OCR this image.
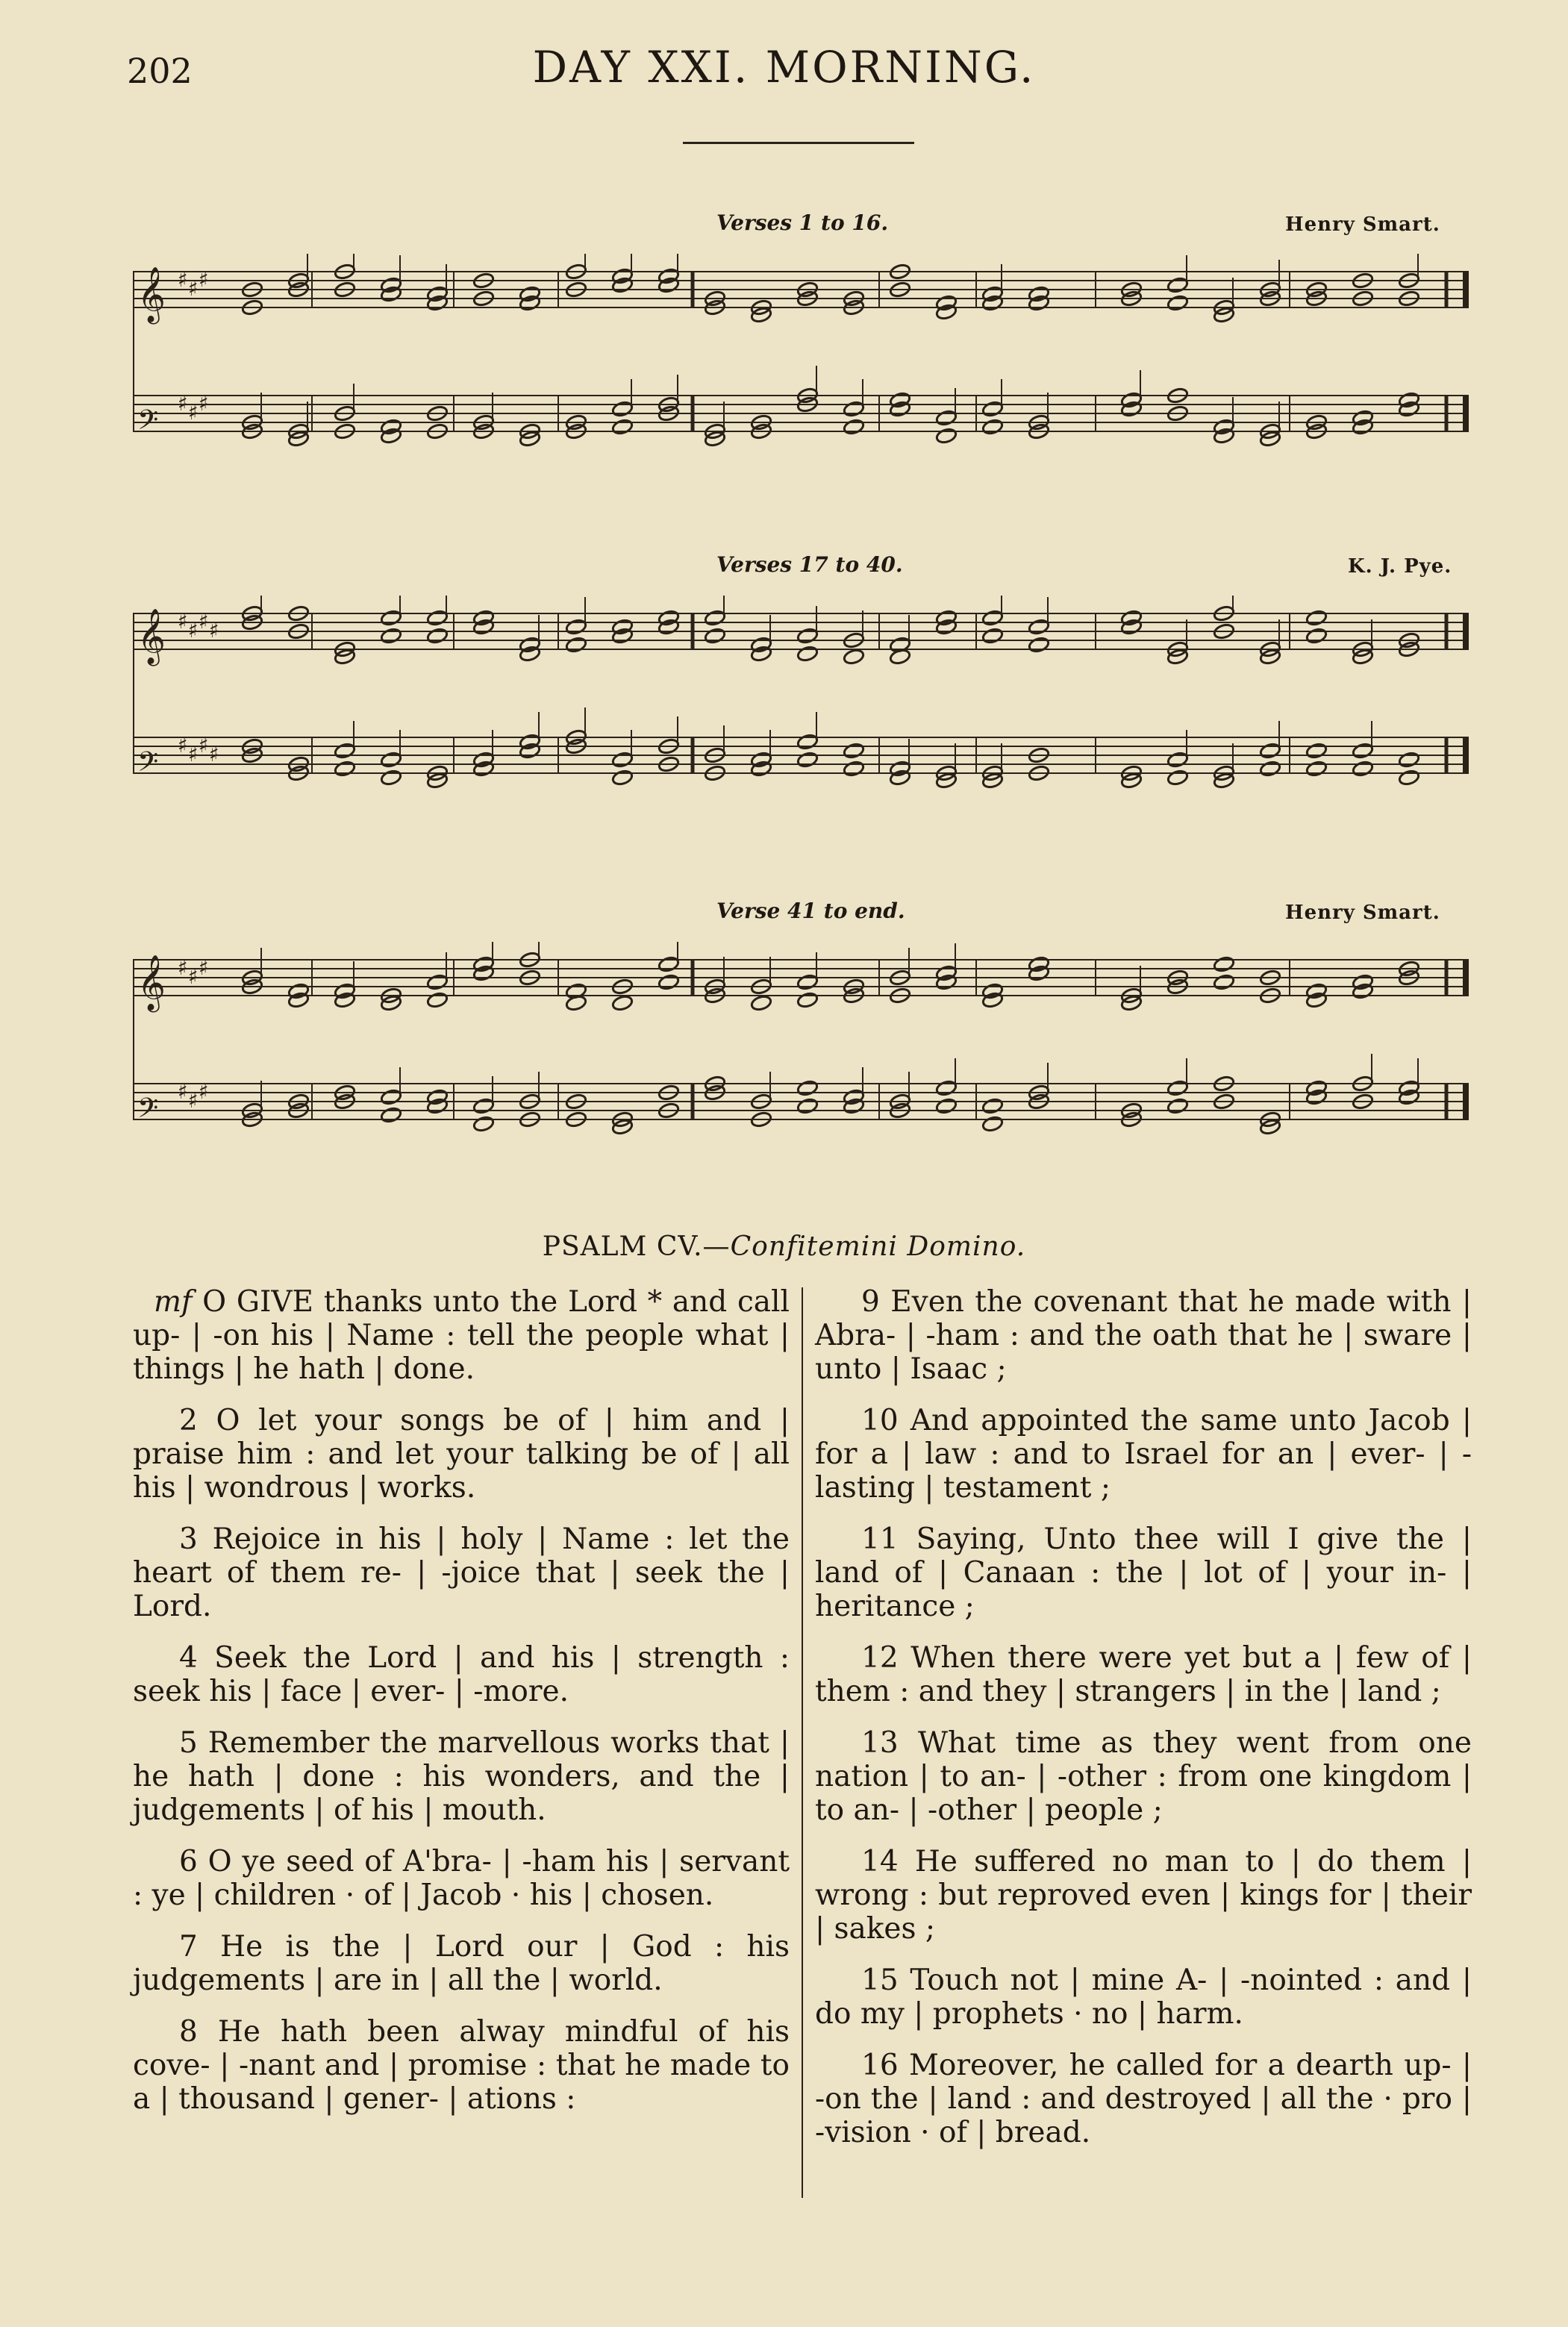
202	DAY XXI. MORNING.
Verses 1 to 16.	Henry Smart.
𝄞 ♯ ♯ ♯
𝄢
♯ ♯ ♯
Verses 17 to 40.	K. J. Pye.
𝄞 ♯ ♯ ♯ ♯
𝄢
♯ ♯ ♯ ♯
Verse 41 to end.	Henry Smart.
𝄞 ♯ ♯ ♯
𝄢
♯ ♯ ♯
PSALM CV.—Confitemini Domino.

mf O GIVE thanks unto the Lord * and call up- | -on his | Name : tell the people what | things | he hath | done.

2 O let your songs be of | him and | praise him : and let your talking be of | all his | wondrous | works.

3 Rejoice in his | holy | Name : let the heart of them re- | -joice that | seek the | Lord.

4 Seek the Lord | and his | strength : seek his | face | ever- | -more.

5 Remember the marvellous works that | he hath | done : his wonders, and the | judgements | of his | mouth.

6 O ye seed of A'bra- | -ham his | servant : ye | children · of | Jacob · his | chosen.

7 He is the | Lord our | God : his judgements | are in | all the | world.

8 He hath been alway mindful of his cove- | -nant and | promise : that he made to a | thousand | gener- | ations :

9 Even the covenant that he made with | Abra- | -ham : and the oath that he | sware | unto | Isaac ;

10 And appointed the same unto Jacob | for a | law : and to Israel for an | ever- | -lasting | testament ;

11 Saying, Unto thee will I give the | land of | Canaan : the | lot of | your in- | heritance ;

12 When there were yet but a | few of | them : and they | strangers | in the | land ;

13 What time as they went from one nation | to an- | -other : from one kingdom | to an- | -other | people ;

14 He suffered no man to | do them | wrong : but reproved even | kings for | their | sakes ;

15 Touch not | mine A- | -nointed : and | do my | prophets · no | harm.

16 Moreover, he called for a dearth up- | -on the | land : and destroyed | all the · pro | -vision · of | bread.
